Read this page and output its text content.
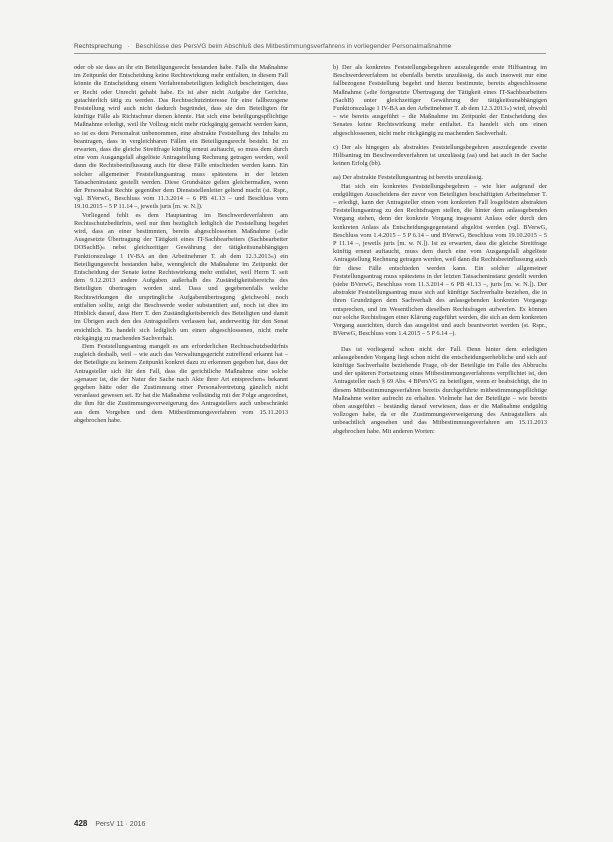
Rechtsprechung   ·   Beschlüsse des PersVG beim Abschluß des Mitbestimmungsverfahrens in vorliegender Personalmaßnahme

oder ob sie dass an ihr ein Beteiligungsrecht bestanden habe. Falls die Maßnahme im Zeitpunkt der Entscheidung keine Rechtswirkung mehr entfalten, in diesem Fall könnte die Entscheidung einem Verfahrensbeteiligten lediglich bescheinigen, dass er Recht oder Unrecht gehabt habe. Es ist aber nicht Aufgabe der Gerichte, gutachterlich tätig zu werden. Das Rechtsschutzinteresse für eine fallbezogene Feststellung wird auch nicht dadurch begründet, dass sie den Beteiligten für künftige Fälle als Richtschnur dienen könnte. Hat sich eine beteiligungspflichtige Maßnahme erledigt, weil ihr Vollzug nicht mehr rückgängig gemacht werden kann, so ist es dem Personalrat unbenommen, eine abstrakte Feststellung des Inhalts zu beantragen, dass in vergleichbaren Fällen ein Beteiligungsrecht besteht. Ist zu erwarten, dass die gleiche Streitfrage künftig erneut auftaucht, so muss dem durch eine vom Ausgangsfall abgelöste Antragstellung Rechnung getragen werden, weil dann die Rechtsbeeinflussung auch für diese Fälle entschieden werden kann. Ein solcher allgemeiner Feststellungsantrag muss spätestens in der letzten Tatsacheninstanz gestellt werden. Diese Grundsätze gelten gleichermaßen, wenn der Personalrat Rechte gegenüber dem Dienststellenleiter geltend macht (st. Rspr., vgl. BVerwG, Beschluss vom 11.3.2014 – 6 PB 41.13 – und Beschluss vom 19.10.2015 – 5 P 11.14 –, jeweils juris [m. w. N.]).

Vorliegend fehlt es dem Hauptantrag im Beschwerdeverfahren am Rechtsschutzbedürfnis, weil nur ihm bezüglich lediglich die Feststellung begehrt wird, dass an einer bestimmten, bereits abgeschlossenen Maßnahme (»die Ausgesetzte Übertragung der Tätigkeit eines IT-Sachbearbeiters (Sachbearbeiter DOSachB)« nebst gleichzeitiger Gewährung der tätigkeitsunabhängigen Funktionszulage 1 IV-BA an den Arbeitnehmer T. ab dem 12.3.2013«) ein Beteiligungsrecht bestanden habe, wenngleich die Maßnahme im Zeitpunkt der Entscheidung der Senate keine Rechtswirkung mehr entfaltet, weil Herrn T. seit dem 9.12.2013 andere Aufgaben außerhalb des Zuständigkeitsbereichs des Beteiligten übertragen worden sind. Dass und gegebenenfalls welche Rechtswirkungen die ursprüngliche Aufgabenübertragung gleichwohl noch entfalten sollte, zeigt die Beschwerde weder substantiiert auf, noch ist dies im Hinblick darauf, dass Herr T. den Zuständigkeitsbereich des Beteiligten und damit im Übrigen auch den des Antragstellers verlassen hat, anderweitig für den Senat ersichtlich. Es handelt sich lediglich um einen abgeschlossenen, nicht mehr rückgängig zu machenden Sachverhalt.

Dem Feststellungsantrag mangelt es am erforderlichen Rechtsschutzbedürfnis zugleich deshalb, weil – wie auch das Verwaltungsgericht zutreffend erkannt hat – der Beteiligte zu keinem Zeitpunkt konkret dazu zu erkennen gegeben hat, dass der Antragsteller sich für den Fall, dass die gerichtliche Maßnahme eine solche »genauer ist, die der Natur der Sache nach Akte ihrer Art entsprechen« bekannt gegeben hätte oder die Zustimmung einer Personalvertretung gänzlich nicht veranlasst gewesen sei. Er hat die Maßnahme vollständig mit der Folge angeordnet, die ihm für die Zustimmungsverweigerung des Antragstellers auch unbeschränkt aus dem Vorgehen und dem Mitbestimmungsverfahren vom 15.11.2013 abgebrochen habe.

b) Der als konkretes Feststellungsbegehren auszulegende erste Hilfsantrag im Beschwerdeverfahren ist ebenfalls bereits unzulässig, da auch insoweit nur eine fallbezogene Feststellung begehrt und hierzu bestimmte, bereits abgeschlossene Maßnahme (»die fortgesetzte Übertragung der Tätigkeit eines IT-Sachbearbeiters (SachB) unter gleichzeitiger Gewährung der tätigkeitsunabhängigen Funktionszulage 1 IV-BA an den Arbeitnehmer T. ab dem 12.3.2013«) wird, obwohl – wie bereits ausgeführt – die Maßnahme im Zeitpunkt der Entscheidung des Senates keine Rechtswirkung mehr entfaltet. Es handelt sich um einen abgeschlossenen, nicht mehr rückgängig zu machenden Sachverhalt.

c) Der als hingegen als abstraktes Feststellungsbegehren auszulegende zweite Hilfsantrag im Beschwerdeverfahren ist unzulässig (aa) und hat auch in der Sache keinen Erfolg (bb).

aa) Der abstrakte Feststellungsantrag ist bereits unzulässig.

Hat sich ein konkretes Feststellungsbegehren – wie hier aufgrund der endgültigen Ausscheidens der zuvor von Beteiligten beschäftigten Arbeitnehmer T. – erledigt, kann der Antragsteller einen vom konkreten Fall losgelösten abstrakten Feststellungsantrag zu den Rechtsfragen stellen, die hinter dem anlassgebenden Vorgang stehen, denn der konkrete Vorgang insgesamt Anlass oder durch den konkreten Anlass als Entscheidungsgegenstand abgelöst werden (vgl. BVerwG, Beschluss vom 1.4.2015 – 5 P 6.14 – und BVerwG, Beschluss vom 19.10.2015 – 5 P 11.14 –, jeweils juris [m. w. N.]). Ist zu erwarten, dass die gleiche Streitfrage künftig erneut auftaucht, muss dem durch eine vom Ausgangsfall abgelöste Antragstellung Rechnung getragen werden, weil dann die Rechtsbeeinflussung auch für diese Fälle entschieden werden kann. Ein solcher allgemeiner Feststellungsantrag muss spätestens in der letzten Tatsacheninstanz gestellt werden (siehe BVerwG, Beschluss vom 11.3.2014 – 6 PB 41.13 –, juris [m. w. N.]). Der abstrakte Feststellungsantrag muss sich auf künftige Sachverhalte beziehen, die in ihren Grundzügen dem Sachverhalt des anlassgebenden konkreten Vorgangs entsprechen, und im Wesentlichen dieselben Rechtsfragen aufwerfen. Es können nur solche Rechtsfragen einer Klärung zugeführt werden, die sich an dem konkreten Vorgang ausrichten, durch das ausgelöst und auch beantwortet werden (st. Rspr., BVerwG, Beschluss vom 1.4.2015 – 5 P 6.14 –).

Das ist vorliegend schon nicht der Fall. Denn hinter dem erledigten anlassgebenden Vorgang liegt schon nicht die entscheidungserhebliche und sich auf künftige Sachverhalte beziehende Frage, ob der Beteiligte im Falle des Abbruchs und der späteren Fortsetzung eines Mitbestimmungsverfahrens verpflichtet ist, den Antragsteller nach § 69 Abs. 4 BPersVG zu beteiligen, wenn er beabsichtigt, die in diesem Mitbestimmungsverfahren bereits durchgeführte mitbestimmungspflichtige Maßnahme weiter aufrecht zu erhalten. Vielmehr hat der Beteiligte – wie bereits oben ausgeführt – beständig darauf verwiesen, dass er die Maßnahme endgültig vollzogen habe, da er die Zustimmungsverweigerung des Antragstellers als unbeachtlich angesehen und das Mitbestimmungsverfahren am 15.11.2013 abgebrochen habe. Mit anderen Worten:

428 PersV 11 · 2016
